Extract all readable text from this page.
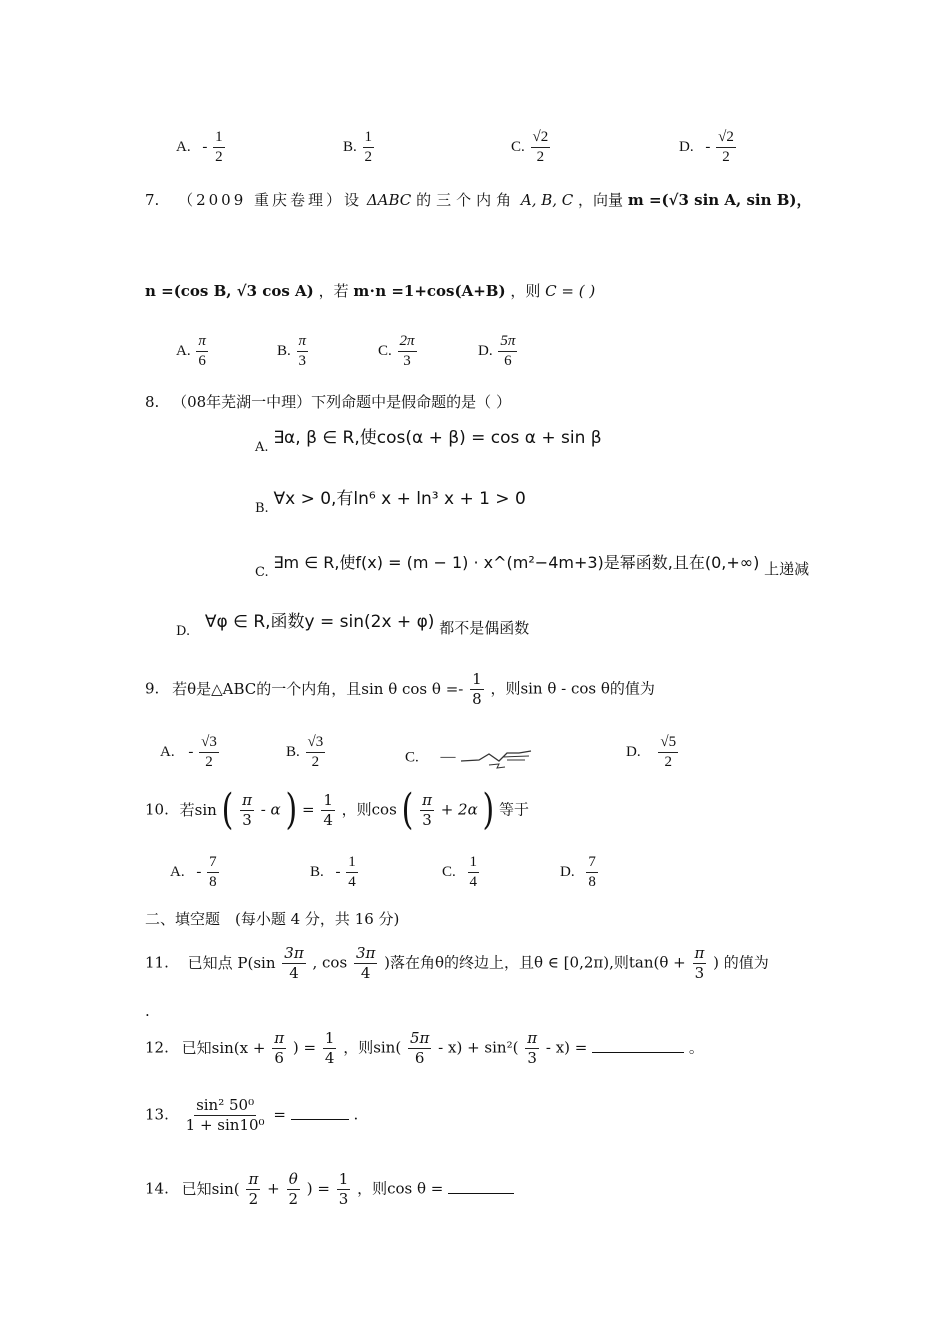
A. - $\frac{1}{2}$	B. $\frac{1}{2}$	C. $\frac{√2}{2}$	D. - $\frac{√2}{2}$
7. （2009 重庆卷理）设 ΔABC 的三个内角 A, B, C ，向量 m =(√3 sin A, sin B)，
n =(cos B, √3 cos A) ，若 m⋅n =1+cos(A+B) ，则 C = ( )
A. $\frac{\pi}{6}$	B. $\frac{\pi}{3}$	C. $\frac{2\pi}{3}$	D. $\frac{5\pi}{6}$
8. （08年芜湖一中理）下列命题中是假命题的是（ ）
A. ∃α, β ∈ R,使cos(α + β) = cos α + sin β
B. ∀x > 0,有ln⁶ x + ln³ x + 1 > 0
C. ∃m ∈ R,使f(x) = (m − 1) · x^(m²−4m+3)是幂函数,且在(0,+∞) 上递减
D. ∀φ ∈ R,函数y = sin(2x + φ) 都不是偶函数
9. 若θ是△ABC的一个内角，且sin θ $\cos \theta =- \frac{1}{8}$ ，则sin θ - cos θ的值为
A. - $\frac{√3}{2}$	B. $\frac{√3}{2}$	C. —	D. $\frac{√5}{2}$
10. 若sin ( $\frac{\pi}{3}$ - α ) = $\frac{1}{4}$ ，则cos ( $\frac{\pi}{3} + 2\alpha$ ) 等于
A. - $\frac{7}{8}$	B. - $\frac{1}{4}$	C. $\frac{1}{4}$	D. $\frac{7}{8}$
二、填空题　(每小题 4 分，共 16 分)
11. 已知点 $P(\sin \frac{3\pi}{4}$ , $\cos \frac{3\pi}{4}$ )落在角θ的终边上，且θ ∈ [0,2π),则$\tan(\theta + \frac{\pi}{3}$ ) 的值为
.
12. 已知$\sin(x + \frac{\pi}{6}$ ) = $\frac{1}{4}$ ，则$\sin( \frac{5\pi}{6} - x) + \sin^2( \frac{\pi}{3} - x)$ =	。
13. $\frac{\text{sin² 50⁰}}{\text{1 + sin10⁰}}$ =	.
14. 已知$\sin( \frac{\pi}{2} + \frac{\theta}{2}$ ) = $\frac{1}{3}$ ，则cos θ =
